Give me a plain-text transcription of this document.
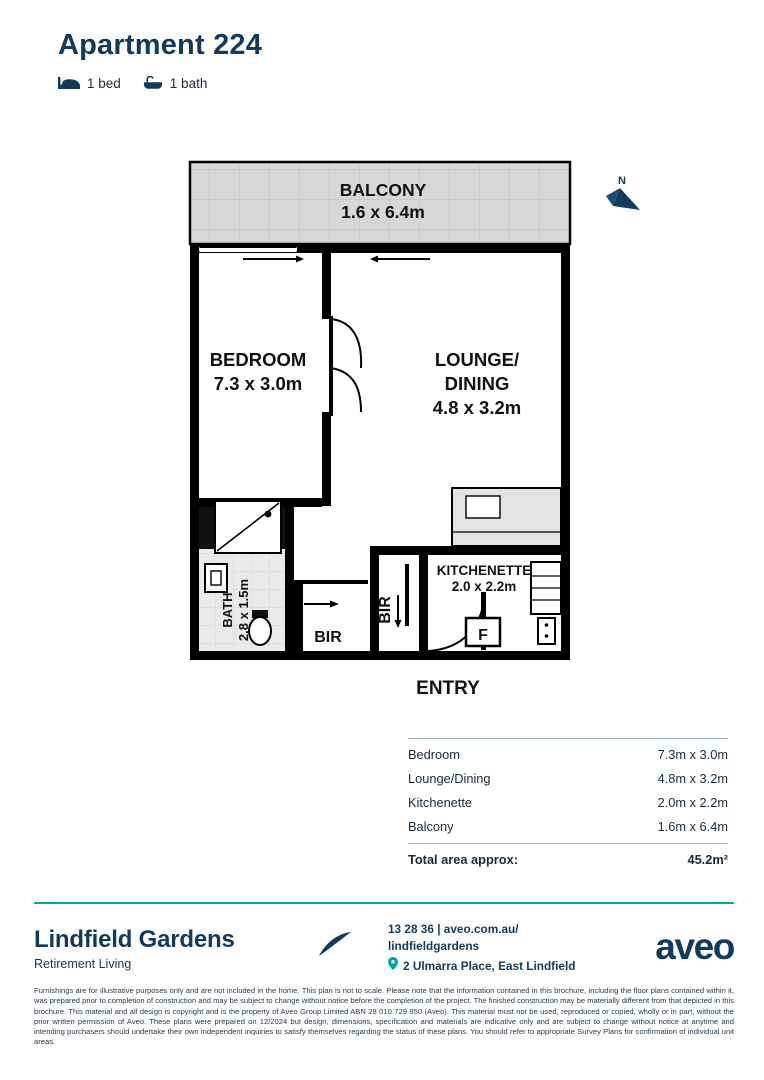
Apartment 224
1 bed	1 bath
BALCONY
1.6 x 6.4m
BATH 2.8 x 1.5m	BIR
BIR
KITCHENETTE
2.0 x 2.2m
F
BEDROOM
7.3 x 3.0m
LOUNGE/
DINING
4.8 x 3.2m
ENTRY
N
Bedroom	7.3m x 3.0m
Lounge/Dining	4.8m x 3.2m
Kitchenette	2.0m x 2.2m
Balcony	1.6m x 6.4m
Total area approx:	45.2m²
Lindfield Gardens
Retirement Living
13 28 36 | aveo.com.au/
lindfieldgardens
2 Ulmarra Place, East Lindfield aveo
Furnishings are for illustrative purposes only and are not included in the home. This plan is not to scale. Please note that the information contained in this brochure, including the floor plans contained within it, was prepared prior to completion of construction and may be subject to change without notice before the completion of the project. The finished construction may be materially different from that depicted in this brochure. This material and all design is copyright and is the property of Aveo Group Limited ABN 28 010 729 950 (Aveo). This material must not be used, reproduced or copied, wholly or in part, without the prior written permission of Aveo. These plans were prepared on 12/2024 but design, dimensions, specification and materials are indicative only and are subject to change without notice at anytime and intending purchasers should undertake their own independent inquiries to satisfy themselves regarding the status of these plans. You should refer to appropriate Survey Plans for confirmation of individual unit areas.
